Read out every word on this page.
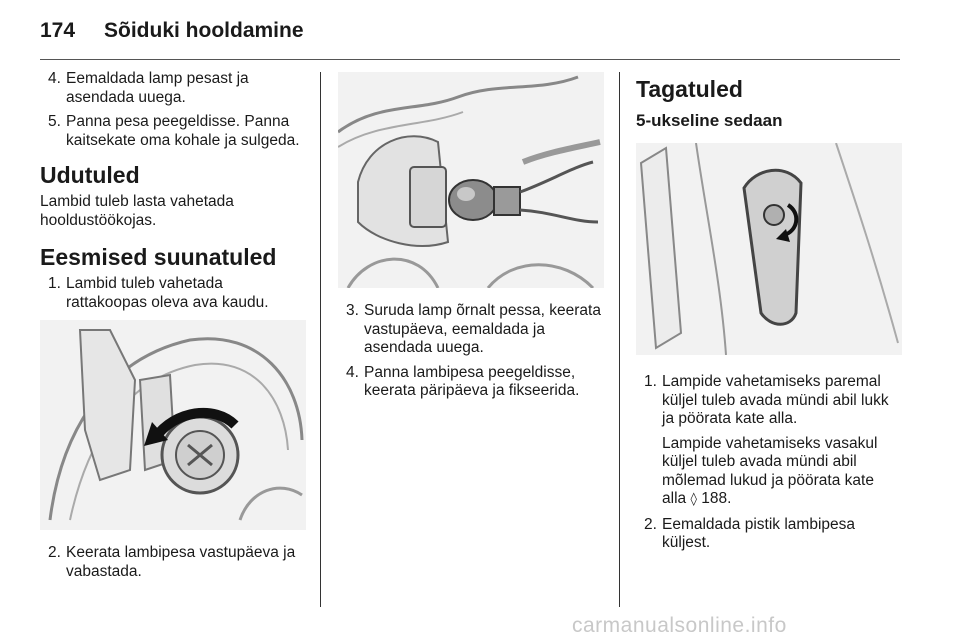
174	Sõiduki hooldamine
4. Eemaldada lamp pesast ja asendada uuega.
5. Panna pesa peegeldisse. Panna kaitsekate oma kohale ja sulgeda.
Udutuled

Lambid tuleb lasta vahetada hooldustöökojas.

Eesmised suunatuled
1. Lambid tuleb vahetada rattakoopas oleva ava kaudu.
2. Keerata lambipesa vastupäeva ja vabastada.
3. Suruda lamp õrnalt pessa, keerata vastupäeva, eemaldada ja asendada uuega.
4. Panna lambipesa peegeldisse, keerata päripäeva ja fikseerida.
Tagatuled
5-ukseline sedaan
1. Lampide vahetamiseks paremal küljel tuleb avada mündi abil lukk ja pöörata kate alla.
Lampide vahetamiseks vasakul küljel tuleb avada mündi abil mõlemad lukud ja pöörata kate alla ◊ 188.
2. Eemaldada pistik lambipesa küljest.
carmanualsonline.info
